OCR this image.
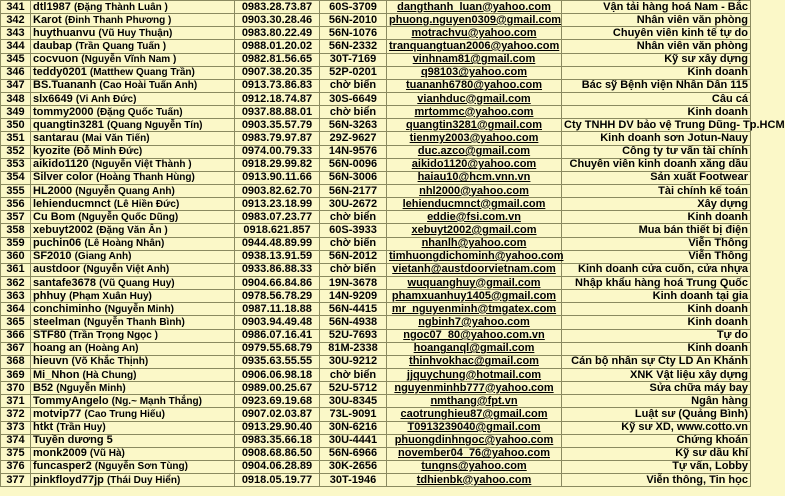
341	dtl1987 (Đặng Thành Luân )	0983.28.73.87	60S-3709	dangthanh_luan@yahoo.com	Vận tải hàng hoá Nam - Bắc
342	Karot (Đinh Thanh Phương )	0903.30.28.46	56N-2010	phuong.nguyen0309@gmail.com	Nhân viên văn phòng
343	huythuanvu (Vũ Huy Thuận)	0983.80.22.49	56N-1076	motrachvu@yahoo.com	Chuyên viên kinh tế tự do
344	daubap (Trần Quang Tuấn )	0988.01.20.02	56N-2332	tranquangtuan2006@yahoo.com	Nhân viên văn phòng
345	cocvuon (Nguyễn Vĩnh Nam )	0982.81.56.65	30T-7169	vinhnam81@gmail.com	Kỹ sư xây dựng
346	teddy0201 (Matthew Quang Trần)	0907.38.20.35	52P-0201	q98103@yahoo.com	Kinh doanh
347	BS.Tuananh (Cao Hoài Tuấn Anh)	0913.73.86.83	chờ biển	tuananh6780@yahoo.com	Bác sỹ Bệnh viện Nhân Dân 115
348	slx6649 (Vi Anh Đức)	0912.18.74.87	30S-6649	vianhduc@gmail.com	Câu cá
349	tommy2000 (Đặng Quốc Tuấn)	0937.88.88.01	chờ biển	mrtommc@yahoo.com	Kinh doanh
350	quangtin3281 (Quang Nguyễn Tín)	0903.35.57.79	56N-3263	quangtin3281@gmail.com	Cty TNHH DV bảo vệ Trung Dũng- Tp.HCM
351	santarau (Mai Văn Tiến)	0983.79.97.87	29Z-9627	tienmy2003@yahoo.com	Kinh doanh sơn Jotun-Nauy
352	kyozite (Đỗ Minh Đức)	0974.00.79.33	14N-9576	duc.azco@gmail.com	Công ty tư vấn tài chính
353	aikido1120 (Nguyễn Việt Thành )	0918.29.99.82	56N-0096	aikido1120@yahoo.com	Chuyên viên kinh doanh xăng dầu
354	Silver color (Hoàng Thanh Hùng)	0913.90.11.66	56N-3006	haiau10@hcm.vnn.vn	Sản xuất Footwear
355	HL2000 (Nguyễn Quang Anh)	0903.82.62.70	56N-2177	nhl2000@yahoo.com	Tài chính kế toán
356	lehienducmnct (Lê Hiền Đức)	0913.23.18.99	30U-2672	lehienducmnct@gmail.com	Xây dựng
357	Cu Bom (Nguyễn Quốc Dũng)	0983.07.23.77	chờ biển	eddie@fsi.com.vn	Kinh doanh
358	xebuyt2002 (Đặng Văn Ân )	0918.621.857	60S-3933	xebuyt2002@gmail.com	Mua bán thiết bị điện
359	puchin06 (Lê Hoàng Nhân)	0944.48.89.99	chờ biển	nhanlh@yahoo.com	Viễn Thông
360	SF2010 (Giang Anh)	0938.13.91.59	56N-2012	timhuongdichominh@yahoo.com	Viễn Thông
361	austdoor (Nguyễn Việt Anh)	0933.86.88.33	chờ biển	vietanh@austdoorvietnam.com	Kinh doanh cửa cuốn, cửa nhựa
362	santafe3678 (Vũ Quang Huy)	0904.66.84.86	19N-3678	wuquanghuy@gmail.com	Nhập khẩu hàng hoá Trung Quốc
363	phhuy (Phạm Xuân Huy)	0978.56.78.29	14N-9209	phamxuanhuy1405@gmail.com	Kinh doanh tại gia
364	conchiminho (Nguyễn Minh)	0987.11.18.88	56N-4415	mr_nguyenminh@tmgatex.com	Kinh doanh
365	steelman (Nguyễn Thanh Bình)	0903.94.49.48	56N-4938	ngbinh7@yahoo.com	Kinh doanh
366	STF80 (Trần Trọng Ngọc )	0986.07.16.41	52U-7693	ngoc07_80@yahoo.com.vn	Tự do
367	hoang an (Hoàng An)	0979.55.68.79	81M-2338	hoanganql@gmail.com	Kinh doanh
368	hieuvn (Võ Khắc Thịnh)	0935.63.55.55	30U-9212	thinhvokhac@gmail.com	Cán bộ nhân sự Cty LD An Khánh
369	Mi_Nhon (Hà Chung)	0906.06.98.18	chờ biển	jjquychung@hotmail.com	XNK Vật liệu xây dựng
370	B52 (Nguyễn Minh)	0989.00.25.67	52U-5712	nguyenminhb777@yahoo.com	Sửa chữa máy bay
371	TommyAngelo (Ng.~ Mạnh Thắng)	0923.69.19.68	30U-8345	nmthang@fpt.vn	Ngân hàng
372	motvip77 (Cao Trung Hiếu)	0907.02.03.87	73L-9091	caotrunghieu87@gmail.com	Luật sư (Quảng Bình)
373	htkt (Trần Huy)	0913.29.90.40	30N-6216	T0913239040@gmail.com	Kỹ sư XD, www.cotto.vn
374	Tuyền dương 5	0983.35.66.18	30U-4441	phuongdinhngoc@yahoo.com	Chứng khoán
375	monk2009 (Vũ Hà)	0908.68.86.50	56N-6966	november04_76@yahoo.com	Kỹ sư dầu khí
376	funcasper2 (Nguyễn Sơn Tùng)	0904.06.28.89	30K-2656	tungns@yahoo.com	Tự vấn, Lobby
377	pinkfloyd77jp (Thái Duy Hiển)	0918.05.19.77	30T-1946	tdhienbk@yahoo.com	Viễn thông, Tin học
